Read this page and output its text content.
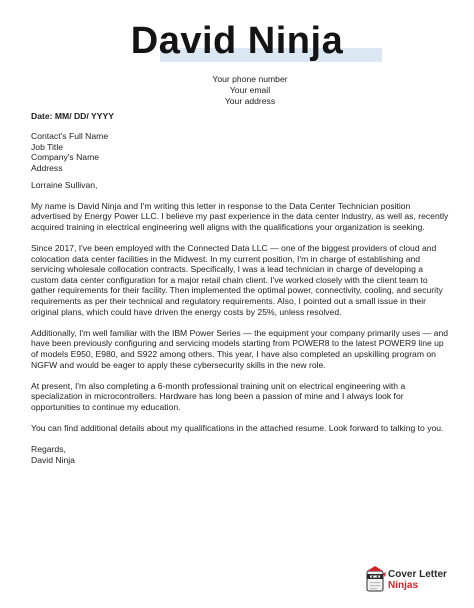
David Ninja
Your phone number
Your email
Your address
Date: MM/ DD/ YYYY
Contact's Full Name
Job Title
Company's Name
Address
Lorraine Sullivan,

My name is David Ninja and I'm writing this letter in response to the Data Center Technician position advertised by Energy Power LLC. I believe my past experience in the data center industry, as well as, recently acquired training in electrical engineering well aligns with the qualifications your organization is seeking.

Since 2017, I've been employed with the Connected Data LLC — one of the biggest providers of cloud and colocation data center facilities in the Midwest. In my current position, I'm in charge of establishing and servicing wholesale collocation contracts. Specifically, I was a lead technician in charge of developing a custom data center configuration for a major retail chain client. I've worked closely with the client team to gather requirements for their facility. Then implemented the optimal power, connectivity, cooling, and security requirements as per their technical and regulatory requirements. Also, I pointed out a small issue in their original plans, which could have driven the energy costs by 25%, unless resolved.

Additionally, I'm well familiar with the IBM Power Series — the equipment your company primarily uses — and have been previously configuring and servicing models starting from POWER8 to the latest POWER9 line up of models E950, E980, and S922 among others. This year, I have also completed an upskilling program on NGFW and would be eager to apply these cybersecurity skills in the new role.

At present, I'm also completing a 6-month professional training unit on electrical engineering with a specialization in microcontrollers. Hardware has long been a passion of mine and I always look for opportunities to continue my education.

You can find additional details about my qualifications in the attached resume. Look forward to talking to you.

Regards,
David Ninja
Cover Letter
Ninjas
